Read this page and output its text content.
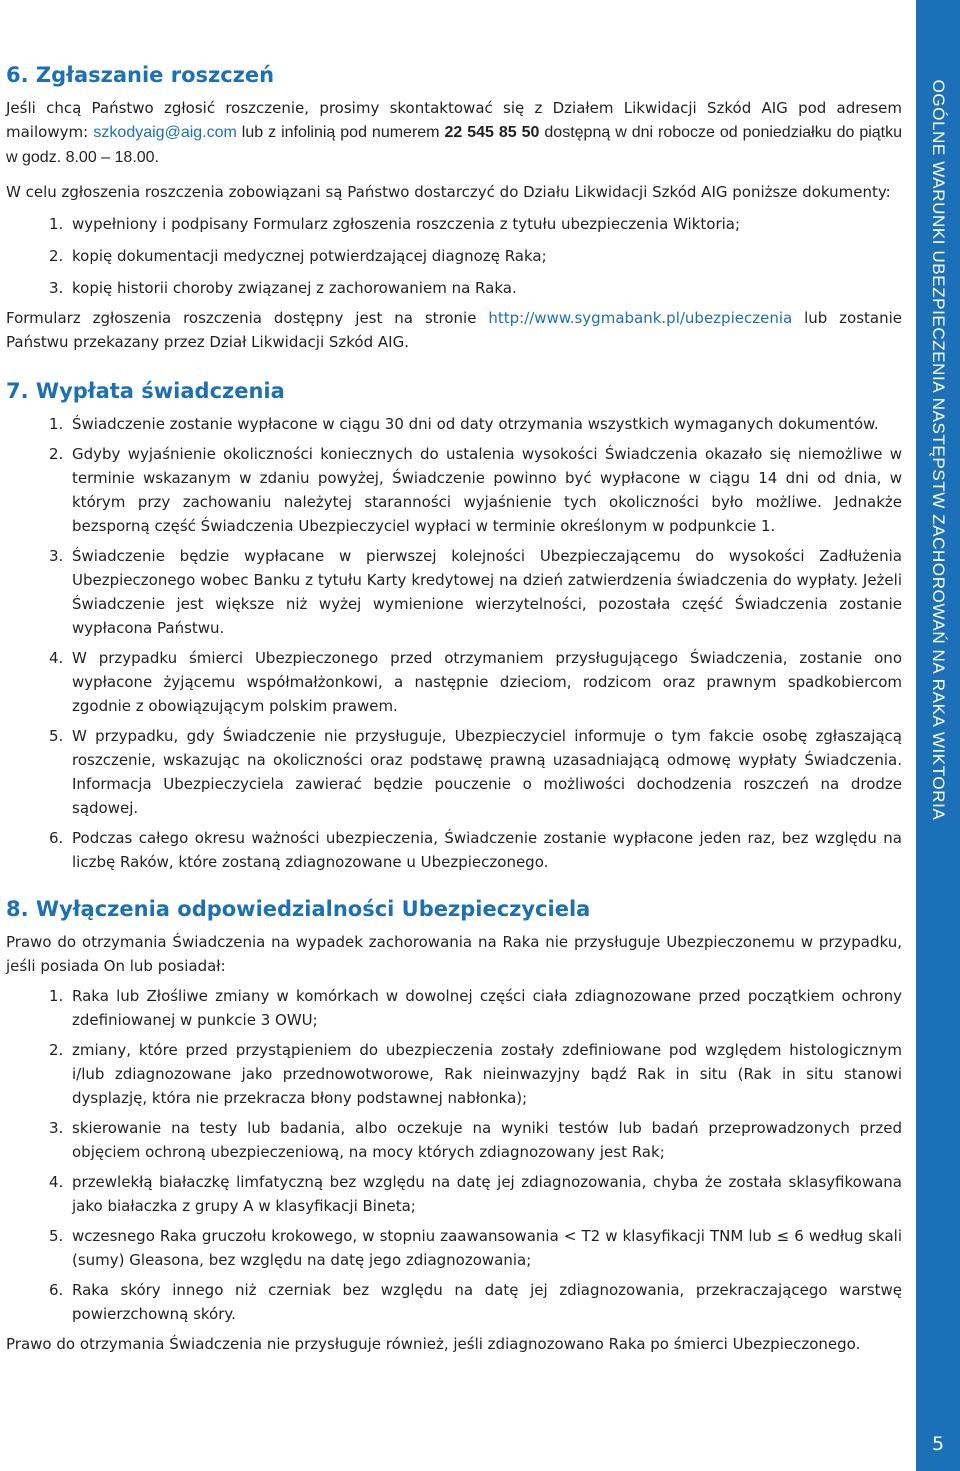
6. Zgłaszanie roszczeń

Jeśli chcą Państwo zgłosić roszczenie, prosimy skontaktować się z Działem Likwidacji Szkód AIG pod adresem mailowym: szkodyaig@aig.com lub z infolinią pod numerem 22 545 85 50 dostępną w dni robocze od poniedziałku do piątku w godz. 8.00 – 18.00.

W celu zgłoszenia roszczenia zobowiązani są Państwo dostarczyć do Działu Likwidacji Szkód AIG poniższe dokumenty:

1. wypełniony i podpisany Formularz zgłoszenia roszczenia z tytułu ubezpieczenia Wiktoria;
2. kopię dokumentacji medycznej potwierdzającej diagnozę Raka;
3. kopię historii choroby związanej z zachorowaniem na Raka.

Formularz zgłoszenia roszczenia dostępny jest na stronie http://www.sygmabank.pl/ubezpieczenia lub zostanie Państwu przekazany przez Dział Likwidacji Szkód AIG.

7. Wypłata świadczenia
1. Świadczenie zostanie wypłacone w ciągu 30 dni od daty otrzymania wszystkich wymaganych dokumentów.
2. Gdyby wyjaśnienie okoliczności koniecznych do ustalenia wysokości Świadczenia okazało się niemożliwe w terminie wskazanym w zdaniu powyżej, Świadczenie powinno być wypłacone w ciągu 14 dni od dnia, w którym przy zachowaniu należytej staranności wyjaśnienie tych okoliczności było możliwe. Jednakże bezsporną część Świadczenia Ubezpieczyciel wypłaci w terminie określonym w podpunkcie 1.
3. Świadczenie będzie wypłacane w pierwszej kolejności Ubezpieczającemu do wysokości Zadłużenia Ubezpieczonego wobec Banku z tytułu Karty kredytowej na dzień zatwierdzenia świadczenia do wypłaty. Jeżeli Świadczenie jest większe niż wyżej wymienione wierzytelności, pozostała część Świadczenia zostanie wypłacona Państwu.
4. W przypadku śmierci Ubezpieczonego przed otrzymaniem przysługującego Świadczenia, zostanie ono wypłacone żyjącemu współmałżonkowi, a następnie dzieciom, rodzicom oraz prawnym spadkobiercom zgodnie z obowiązującym polskim prawem.
5. W przypadku, gdy Świadczenie nie przysługuje, Ubezpieczyciel informuje o tym fakcie osobę zgłaszającą roszczenie, wskazując na okoliczności oraz podstawę prawną uzasadniającą odmowę wypłaty Świadczenia. Informacja Ubezpieczyciela zawierać będzie pouczenie o możliwości dochodzenia roszczeń na drodze sądowej.
6. Podczas całego okresu ważności ubezpieczenia, Świadczenie zostanie wypłacone jeden raz, bez względu na liczbę Raków, które zostaną zdiagnozowane u Ubezpieczonego.
8. Wyłączenia odpowiedzialności Ubezpieczyciela

Prawo do otrzymania Świadczenia na wypadek zachorowania na Raka nie przysługuje Ubezpieczonemu w przypadku, jeśli posiada On lub posiadał:

1. Raka lub Złośliwe zmiany w komórkach w dowolnej części ciała zdiagnozowane przed początkiem ochrony zdefiniowanej w punkcie 3 OWU;
2. zmiany, które przed przystąpieniem do ubezpieczenia zostały zdefiniowane pod względem histologicznym i/lub zdiagnozowane jako przednowotworowe, Rak nieinwazyjny bądź Rak in situ (Rak in situ stanowi dysplazję, która nie przekracza błony podstawnej nabłonka);
3. skierowanie na testy lub badania, albo oczekuje na wyniki testów lub badań przeprowadzonych przed objęciem ochroną ubezpieczeniową, na mocy których zdiagnozowany jest Rak;
4. przewlekłą białaczkę limfatyczną bez względu na datę jej zdiagnozowania, chyba że została sklasyfikowana jako białaczka z grupy A w klasyfikacji Bineta;
5. wczesnego Raka gruczołu krokowego, w stopniu zaawansowania < T2 w klasyfikacji TNM lub ≤ 6 według skali (sumy) Gleasona, bez względu na datę jego zdiagnozowania;
6. Raka skóry innego niż czerniak bez względu na datę jej zdiagnozowania, przekraczającego warstwę powierzchowną skóry.

Prawo do otrzymania Świadczenia nie przysługuje również, jeśli zdiagnozowano Raka po śmierci Ubezpieczonego.

OGÓLNE WARUNKI UBEZPIECZENIA NASTĘPSTW ZACHOROWAŃ NA RAKA WIKTORIA
5
